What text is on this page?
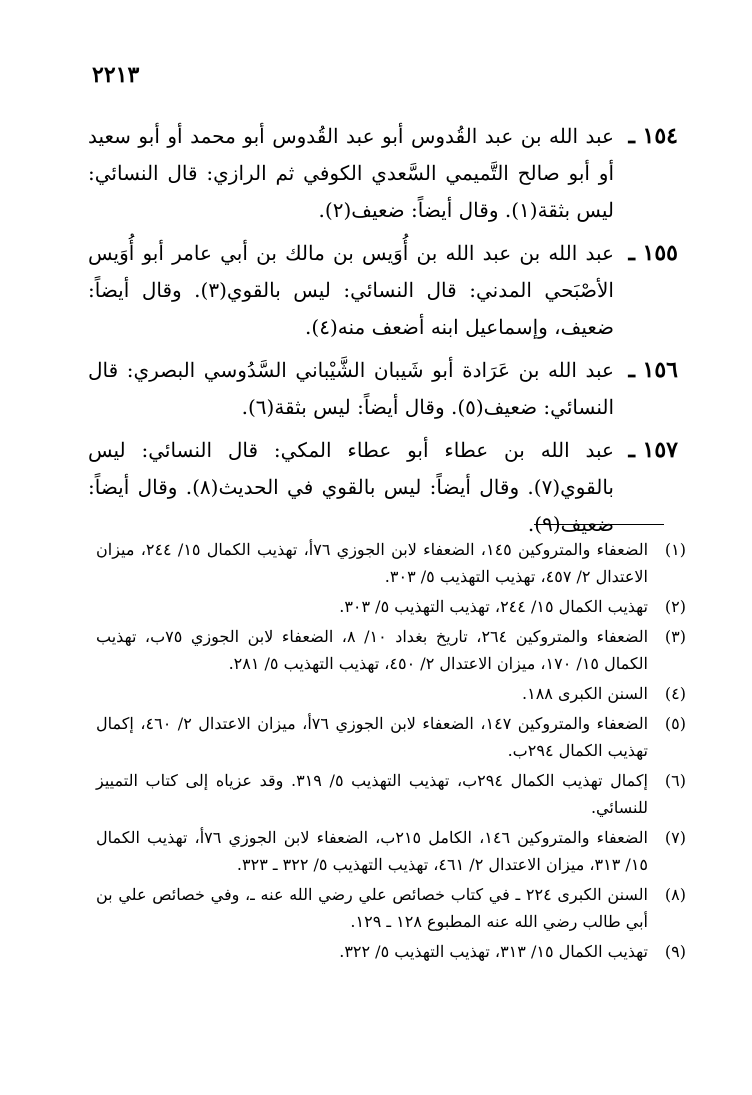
٢٢١٣
١٥٤ ـ
عبد الله بن عبد القُدوس أبو عبد القُدوس أبو محمد أو أبو سعيد أو أبو صالح التَّميمي السَّعدي الكوفي ثم الرازي: قال النسائي: ليس بثقة(١). وقال أيضاً: ضعيف(٢).
١٥٥ ـ
عبد الله بن عبد الله بن أُوَيس بن مالك بن أبي عامر أبو أُوَيس الأصْبَحي المدني: قال النسائي: ليس بالقوي(٣). وقال أيضاً: ضعيف، وإسماعيل ابنه أضعف منه(٤).
١٥٦ ـ
عبد الله بن عَرَادة أبو شَيبان الشَّيْباني السَّدُوسي البصري: قال النسائي: ضعيف(٥). وقال أيضاً: ليس بثقة(٦).
١٥٧ ـ
عبد الله بن عطاء أبو عطاء المكي: قال النسائي: ليس بالقوي(٧). وقال أيضاً: ليس بالقوي في الحديث(٨). وقال أيضاً: ضعيف(٩).
(١)
الضعفاء والمتروكين ١٤٥، الضعفاء لابن الجوزي ٧٦أ، تهذيب الكمال ١٥/ ٢٤٤، ميزان الاعتدال ٢/ ٤٥٧، تهذيب التهذيب ٥/ ٣٠٣.
(٢)
تهذيب الكمال ١٥/ ٢٤٤، تهذيب التهذيب ٥/ ٣٠٣.
(٣)
الضعفاء والمتروكين ٢٦٤، تاريخ بغداد ١٠/ ٨، الضعفاء لابن الجوزي ٧٥ب، تهذيب الكمال ١٥/ ١٧٠، ميزان الاعتدال ٢/ ٤٥٠، تهذيب التهذيب ٥/ ٢٨١.
(٤)
السنن الكبرى ١٨٨.
(٥)
الضعفاء والمتروكين ١٤٧، الضعفاء لابن الجوزي ٧٦أ، ميزان الاعتدال ٢/ ٤٦٠، إكمال تهذيب الكمال ٢٩٤ب.
(٦)
إكمال تهذيب الكمال ٢٩٤ب، تهذيب التهذيب ٥/ ٣١٩. وقد عزياه إلى كتاب التمييز للنسائي.
(٧)
الضعفاء والمتروكين ١٤٦، الكامل ٢١٥ب، الضعفاء لابن الجوزي ٧٦أ، تهذيب الكمال ١٥/ ٣١٣، ميزان الاعتدال ٢/ ٤٦١، تهذيب التهذيب ٥/ ٣٢٢ ـ ٣٢٣.
(٨)
السنن الكبرى ٢٢٤ ـ في كتاب خصائص علي رضي الله عنه ـ، وفي خصائص علي بن أبي طالب رضي الله عنه المطبوع ١٢٨ ـ ١٢٩.
(٩)
تهذيب الكمال ١٥/ ٣١٣، تهذيب التهذيب ٥/ ٣٢٢.
